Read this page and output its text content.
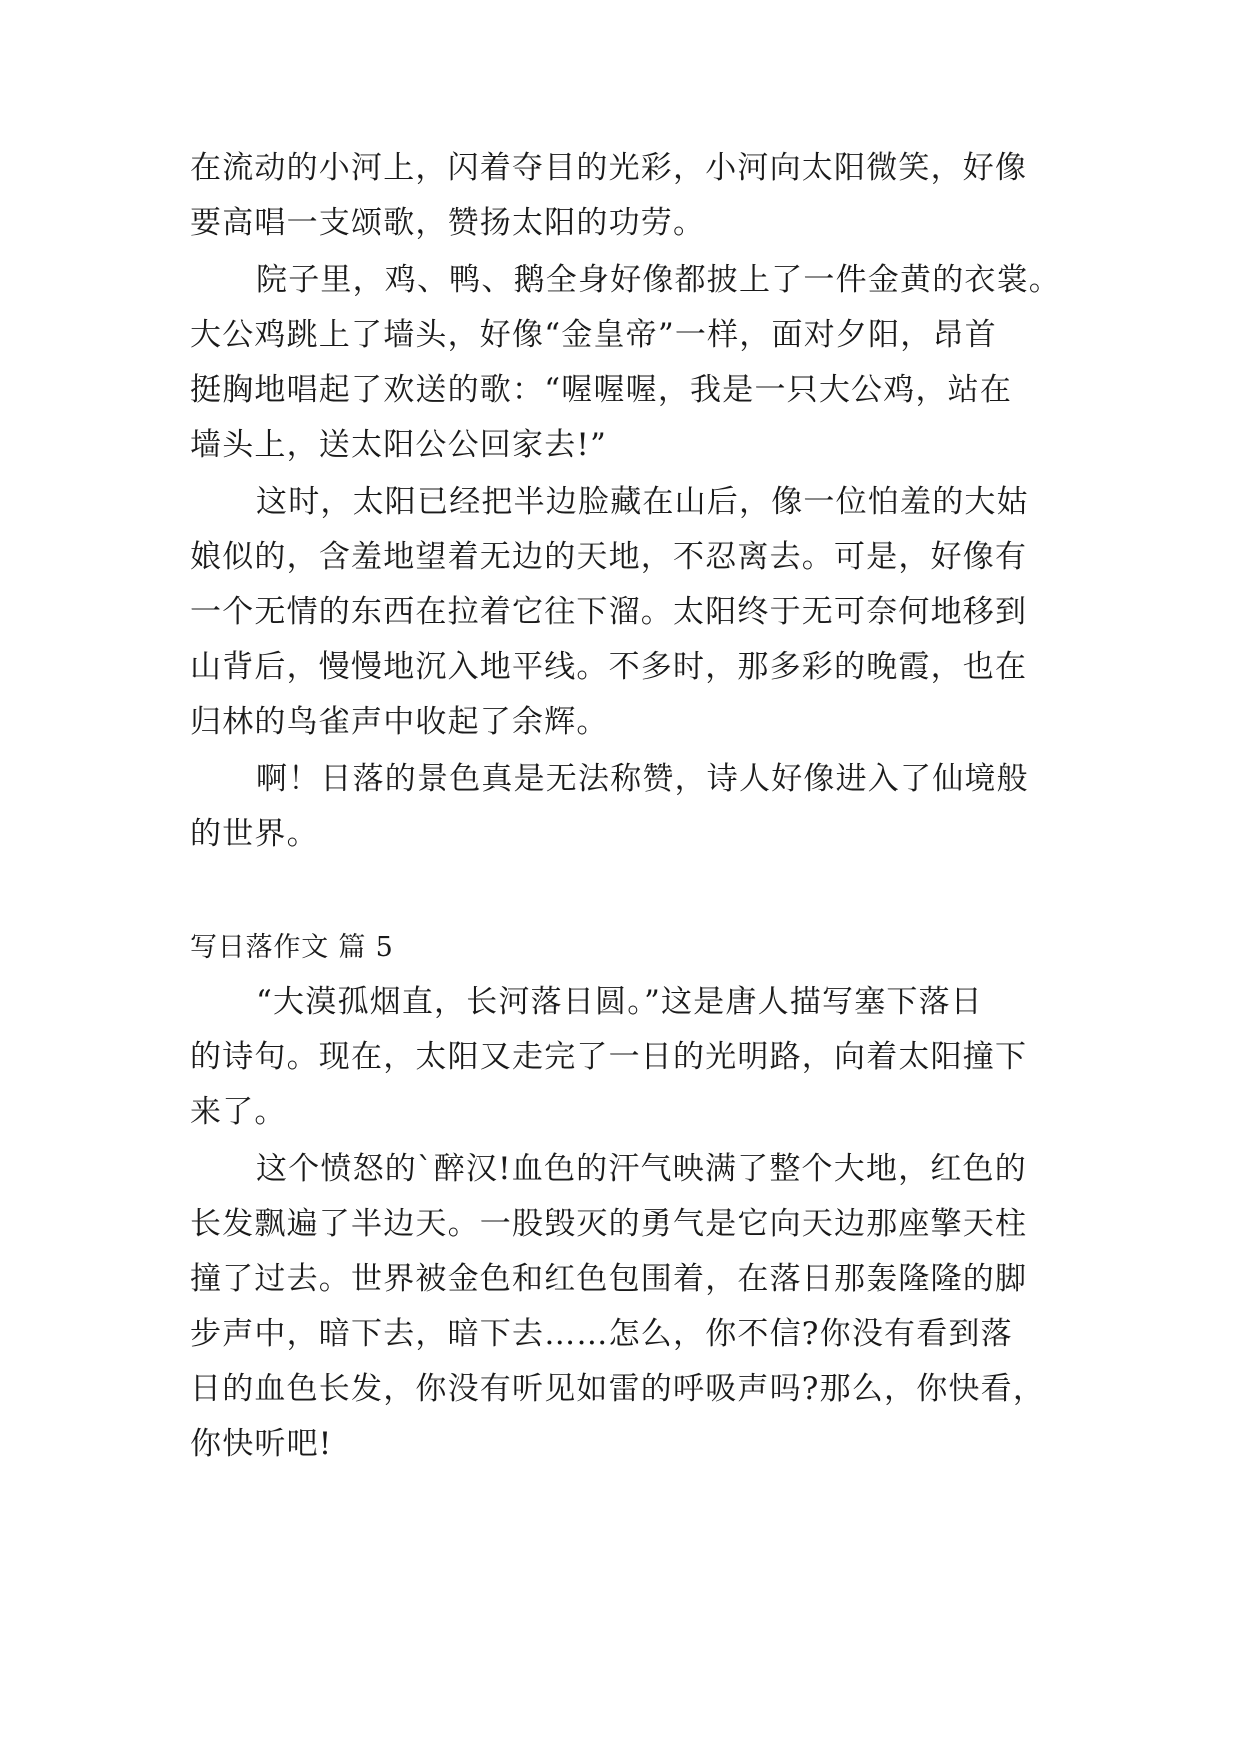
在流动的小河上，闪着夺目的光彩，小河向太阳微笑，好像
要高唱一支颂歌，赞扬太阳的功劳。
院子里，鸡、鸭、鹅全身好像都披上了一件金黄的衣裳。
大公鸡跳上了墙头，好像“金皇帝”一样，面对夕阳，昂首
挺胸地唱起了欢送的歌：“喔喔喔，我是一只大公鸡，站在
墙头上，送太阳公公回家去!”
这时，太阳已经把半边脸藏在山后，像一位怕羞的大姑
娘似的，含羞地望着无边的天地，不忍离去。可是，好像有
一个无情的东西在拉着它往下溜。太阳终于无可奈何地移到
山背后，慢慢地沉入地平线。不多时，那多彩的晚霞，也在
归林的鸟雀声中收起了余辉。
啊！日落的景色真是无法称赞，诗人好像进入了仙境般
的世界。
写日落作文 篇 5
“大漠孤烟直，长河落日圆。”这是唐人描写塞下落日
的诗句。现在，太阳又走完了一日的光明路，向着太阳撞下
来了。
这个愤怒的`醉汉!血色的汗气映满了整个大地，红色的
长发飘遍了半边天。一股毁灭的勇气是它向天边那座擎天柱
撞了过去。世界被金色和红色包围着，在落日那轰隆隆的脚
步声中，暗下去，暗下去……怎么，你不信?你没有看到落
日的血色长发，你没有听见如雷的呼吸声吗?那么，你快看，
你快听吧!
